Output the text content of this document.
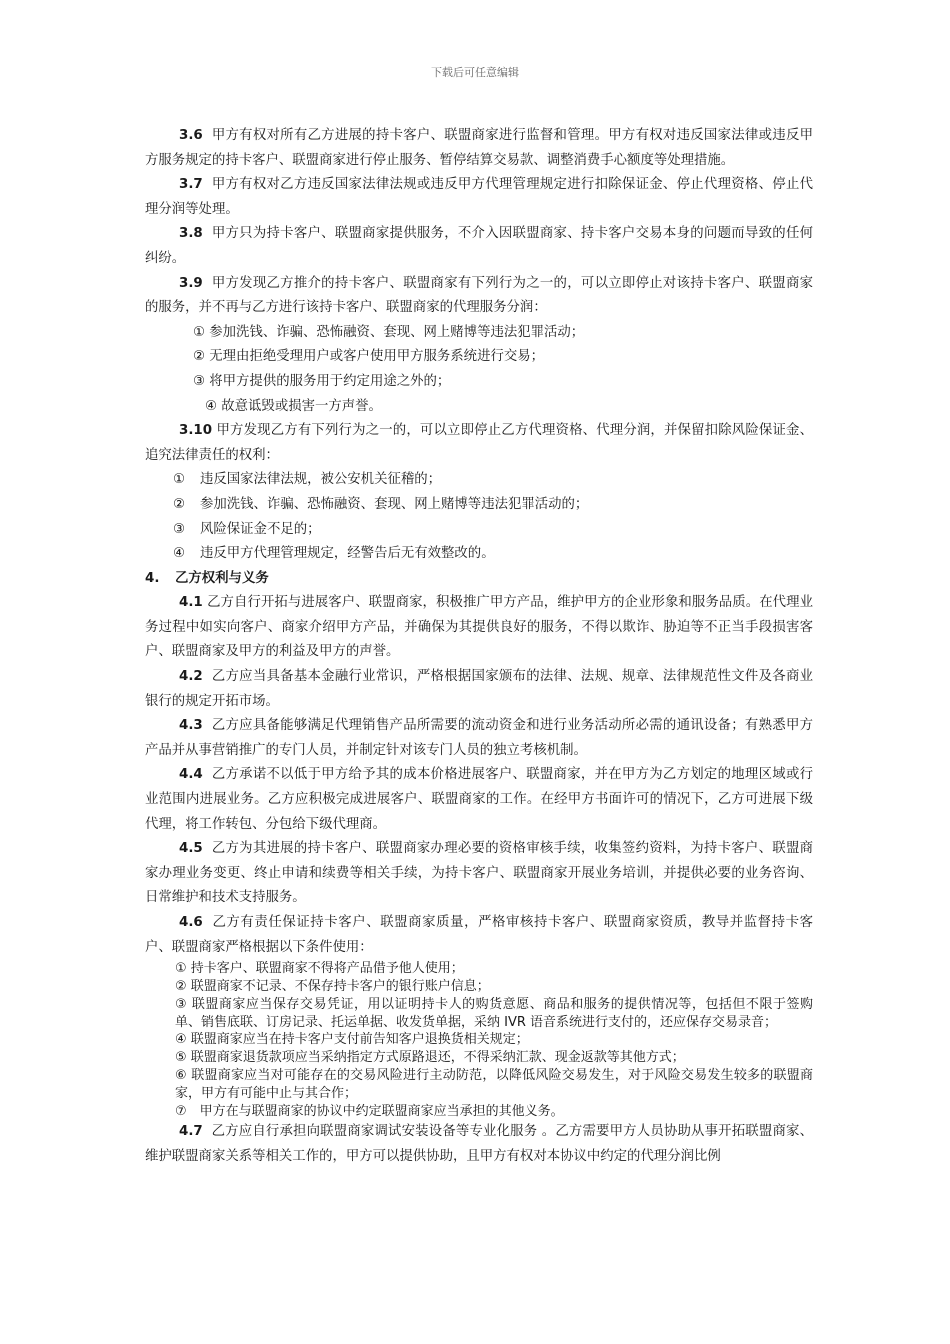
下载后可任意编辑

3.6 甲方有权对所有乙方进展的持卡客户、联盟商家进行监督和管理。甲方有权对违反国家法律或违反甲方服务规定的持卡客户、联盟商家进行停止服务、暂停结算交易款、调整消费手心额度等处理措施。

3.7 甲方有权对乙方违反国家法律法规或违反甲方代理管理规定进行扣除保证金、停止代理资格、停止代理分润等处理。

3.8 甲方只为持卡客户、联盟商家提供服务，不介入因联盟商家、持卡客户交易本身的问题而导致的任何纠纷。

3.9 甲方发现乙方推介的持卡客户、联盟商家有下列行为之一的，可以立即停止对该持卡客户、联盟商家的服务，并不再与乙方进行该持卡客户、联盟商家的代理服务分润：

① 参加洗钱、诈骗、恐怖融资、套现、网上赌博等违法犯罪活动；

② 无理由拒绝受理用户或客户使用甲方服务系统进行交易；

③ 将甲方提供的服务用于约定用途之外的；

④ 故意诋毁或损害一方声誉。

3.10 甲方发现乙方有下列行为之一的，可以立即停止乙方代理资格、代理分润，并保留扣除风险保证金、追究法律责任的权利：

①	违反国家法律法规，被公安机关征稽的；
②	参加洗钱、诈骗、恐怖融资、套现、网上赌博等违法犯罪活动的；
③	风险保证金不足的；
④	违反甲方代理管理规定，经警告后无有效整改的。

4. 乙方权利与义务

4.1 乙方自行开拓与进展客户、联盟商家，积极推广甲方产品，维护甲方的企业形象和服务品质。在代理业务过程中如实向客户、商家介绍甲方产品，并确保为其提供良好的服务，不得以欺诈、胁迫等不正当手段损害客户、联盟商家及甲方的利益及甲方的声誉。

4.2 乙方应当具备基本金融行业常识，严格根据国家颁布的法律、法规、规章、法律规范性文件及各商业银行的规定开拓市场。

4.3 乙方应具备能够满足代理销售产品所需要的流动资金和进行业务活动所必需的通讯设备；有熟悉甲方产品并从事营销推广的专门人员，并制定针对该专门人员的独立考核机制。

4.4 乙方承诺不以低于甲方给予其的成本价格进展客户、联盟商家，并在甲方为乙方划定的地理区域或行业范围内进展业务。乙方应积极完成进展客户、联盟商家的工作。在经甲方书面许可的情况下，乙方可进展下级代理，将工作转包、分包给下级代理商。

4.5 乙方为其进展的持卡客户、联盟商家办理必要的资格审核手续，收集签约资料，为持卡客户、联盟商家办理业务变更、终止申请和续费等相关手续，为持卡客户、联盟商家开展业务培训，并提供必要的业务咨询、日常维护和技术支持服务。

4.6 乙方有责任保证持卡客户、联盟商家质量，严格审核持卡客户、联盟商家资质，教导并监督持卡客户、联盟商家严格根据以下条件使用：

① 持卡客户、联盟商家不得将产品借予他人使用；

② 联盟商家不记录、不保存持卡客户的银行账户信息；

③ 联盟商家应当保存交易凭证，用以证明持卡人的购货意愿、商品和服务的提供情况等，包括但不限于签购单、销售底联、订房记录、托运单据、收发货单据，采纳 IVR 语音系统进行支付的，还应保存交易录音；

④ 联盟商家应当在持卡客户支付前告知客户退换货相关规定；

⑤ 联盟商家退货款项应当采纳指定方式原路退还，不得采纳汇款、现金返款等其他方式；

⑥ 联盟商家应当对可能存在的交易风险进行主动防范，以降低风险交易发生，对于风险交易发生较多的联盟商家，甲方有可能中止与其合作；

⑦　甲方在与联盟商家的协议中约定联盟商家应当承担的其他义务。

4.7 乙方应自行承担向联盟商家调试安装设备等专业化服务 。乙方需要甲方人员协助从事开拓联盟商家、维护联盟商家关系等相关工作的，甲方可以提供协助，且甲方有权对本协议中约定的代理分润比例
